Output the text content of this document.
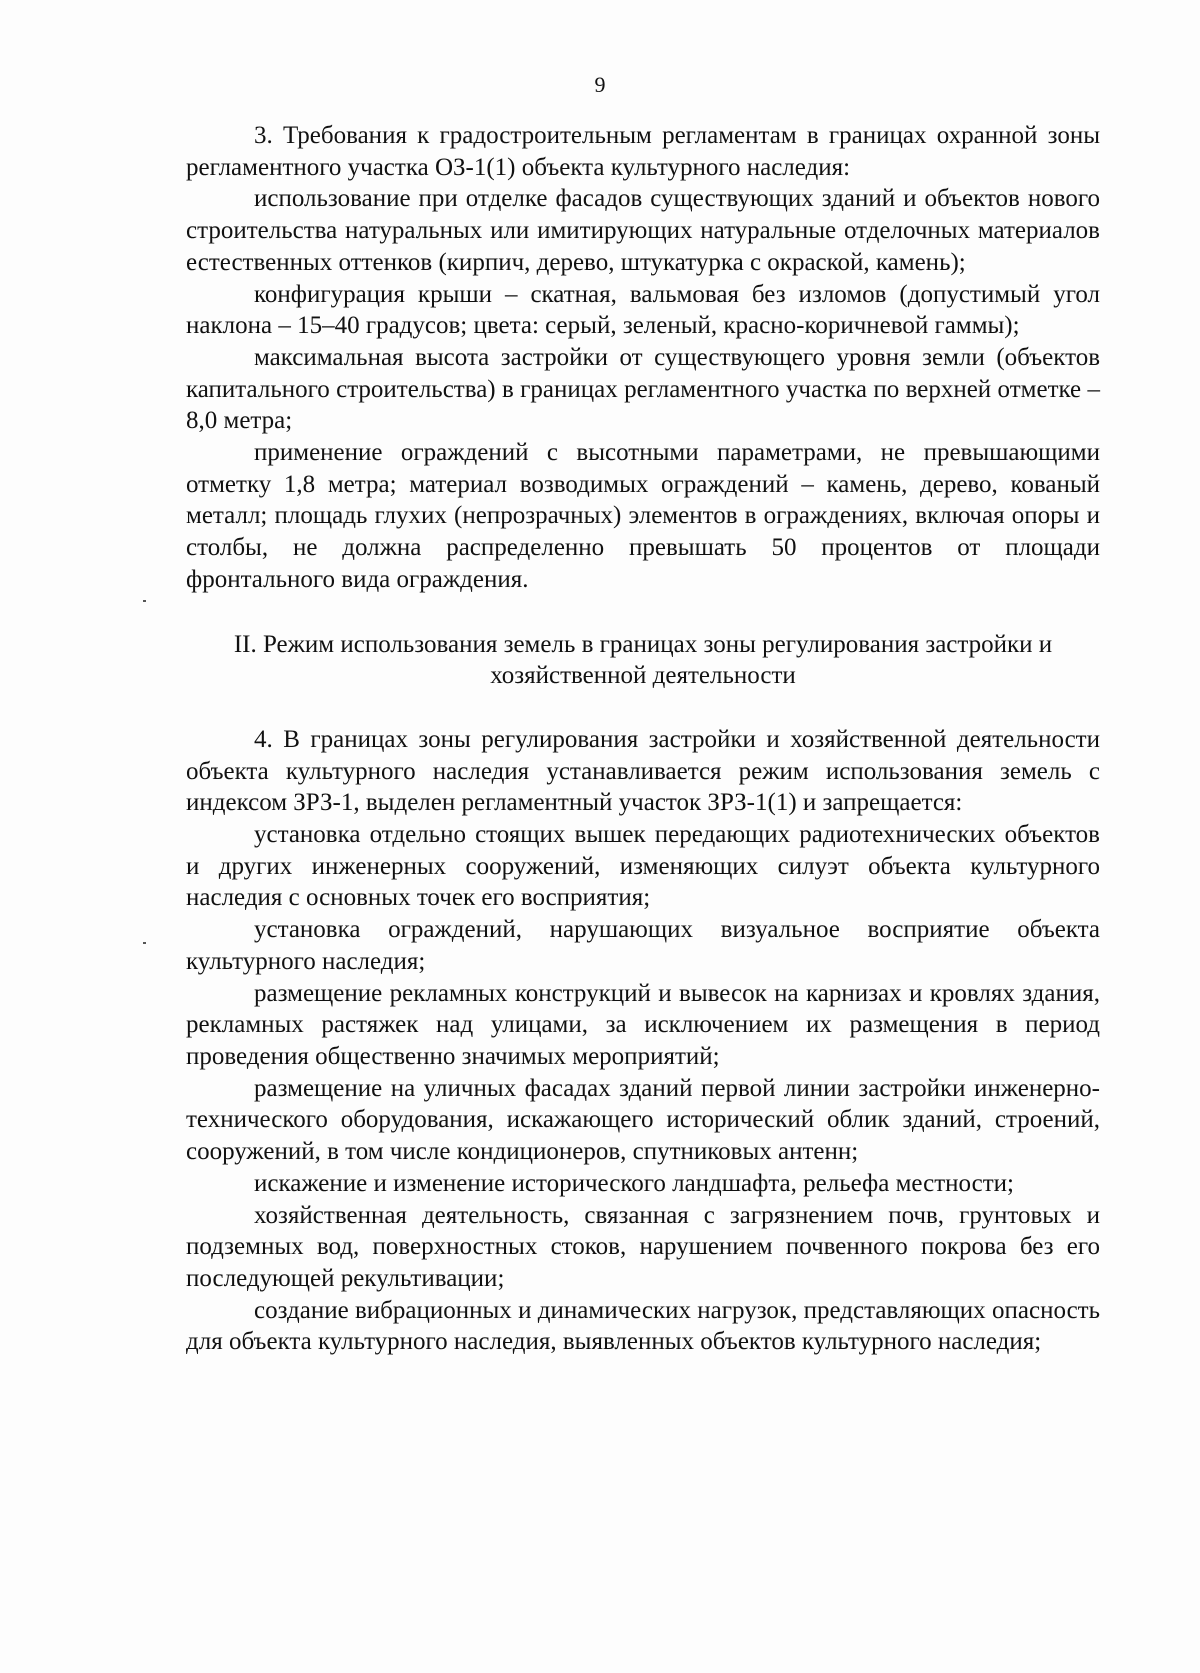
9

3. Требования к градостроительным регламентам в границах охранной зоны регламентного участка ОЗ-1(1) объекта культурного наследия:

использование при отделке фасадов существующих зданий и объектов нового строительства натуральных или имитирующих натуральные отделочных материалов естественных оттенков (кирпич, дерево, штукатурка с окраской, камень);

конфигурация крыши – скатная, вальмовая без изломов (допустимый угол наклона – 15–40 градусов; цвета: серый, зеленый, красно-коричневой гаммы);

максимальная высота застройки от существующего уровня земли (объектов капитального строительства) в границах регламентного участка по верхней отметке – 8,0 метра;

применение ограждений с высотными параметрами, не превышающими отметку 1,8 метра; материал возводимых ограждений – камень, дерево, кованый металл; площадь глухих (непрозрачных) элементов в ограждениях, включая опоры и столбы, не должна распределенно превышать 50 процентов от площади фронтального вида ограждения.

II. Режим использования земель в границах зоны регулирования застройки и хозяйственной деятельности

4. В границах зоны регулирования застройки и хозяйственной деятельности объекта культурного наследия устанавливается режим использования земель с индексом ЗРЗ-1, выделен регламентный участок ЗРЗ-1(1) и запрещается:

установка отдельно стоящих вышек передающих радиотехнических объектов и других инженерных сооружений, изменяющих силуэт объекта культурного наследия с основных точек его восприятия;

установка ограждений, нарушающих визуальное восприятие объекта культурного наследия;

размещение рекламных конструкций и вывесок на карнизах и кровлях здания, рекламных растяжек над улицами, за исключением их размещения в период проведения общественно значимых мероприятий;

размещение на уличных фасадах зданий первой линии застройки инженерно-технического оборудования, искажающего исторический облик зданий, строений, сооружений, в том числе кондиционеров, спутниковых антенн;

искажение и изменение исторического ландшафта, рельефа местности;

хозяйственная деятельность, связанная с загрязнением почв, грунтовых и подземных вод, поверхностных стоков, нарушением почвенного покрова без его последующей рекультивации;

создание вибрационных и динамических нагрузок, представляющих опасность для объекта культурного наследия, выявленных объектов культурного наследия;
